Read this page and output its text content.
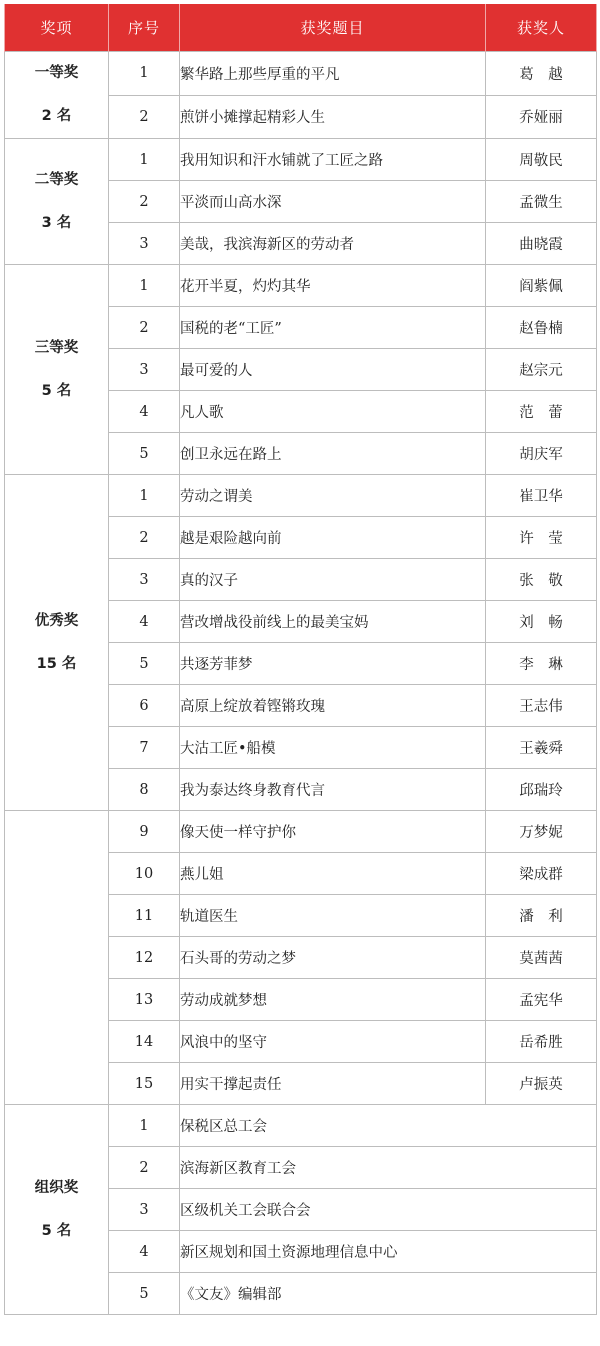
奖项	序号	获奖题目	获奖人

一等奖
2 名	1	繁华路上那些厚重的平凡	葛　越
	2	煎饼小摊撑起精彩人生	乔娅丽

二等奖
3 名	1	我用知识和汗水铺就了工匠之路	周敬民
	2	平淡而山高水深	孟微生
	3	美哉，我滨海新区的劳动者	曲晓霞

三等奖
5 名	1	花开半夏，灼灼其华	阎紫佩
	2	国税的老“工匠”	赵鲁楠
	3	最可爱的人	赵宗元
	4	凡人歌	范　蕾
	5	创卫永远在路上	胡庆军

优秀奖
15 名	1	劳动之谓美	崔卫华
	2	越是艰险越向前	许　莹
	3	真的汉子	张　敬
	4	营改增战役前线上的最美宝妈	刘　畅
	5	共逐芳菲梦	李　琳
	6	高原上绽放着铿锵玫瑰	王志伟
	7	大沽工匠•船模	王羲舜
	8	我为泰达终身教育代言	邱瑞玲
	9	像天使一样守护你	万梦妮
	10	燕儿姐	梁成群
	11	轨道医生	潘　利
	12	石头哥的劳动之梦	莫茜茜
	13	劳动成就梦想	孟宪华
	14	风浪中的坚守	岳希胜
	15	用实干撑起责任	卢振英

组织奖
5 名	1	保税区总工会	
	2	滨海新区教育工会	
	3	区级机关工会联合会	
	4	新区规划和国土资源地理信息中心	
	5	《文友》编辑部	
